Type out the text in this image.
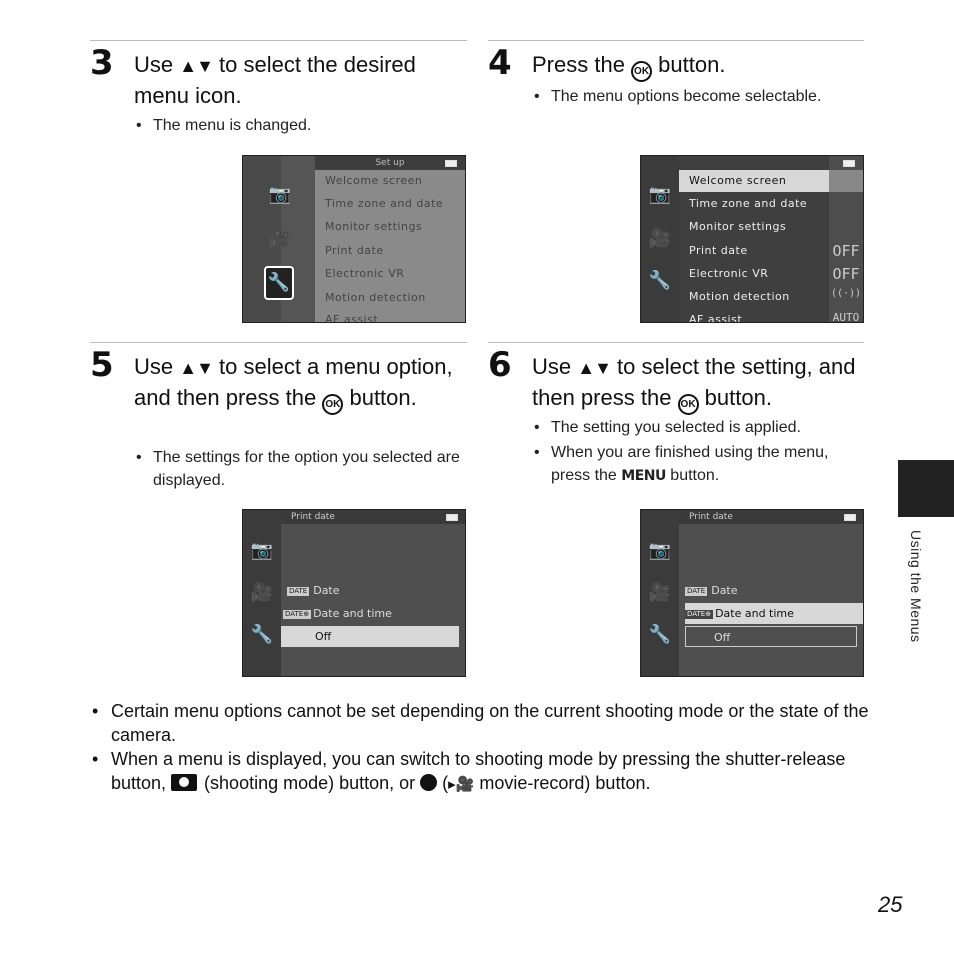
3 Use ▲▼ to select the desired menu icon.
• The menu is changed.
📷
🎥
🔧
Set up
Welcome screen
Time zone and date
Monitor settings
Print date
Electronic VR
Motion detection
AF assist
4 Press the OK button.
• The menu options become selectable.
📷
🎥
🔧
Welcome screen
Time zone and date
Monitor settings
Print date
Electronic VR
Motion detection
AF assist
OFF
OFF
((·))
AUTO
5 Use ▲▼ to select a menu option, and then press the OK button.
• The settings for the option you selected are displayed.
📷
🎥
🔧
Print date
DATE Date
DATE⊕ Date and time
Off
6 Use ▲▼ to select the setting, and then press the OK button.
• The setting you selected is applied.
• When you are finished using the menu, press the MENU button.
📷
🎥
🔧
Print date
DATE Date
DATE⊕ Date and time
Off	Using the Menus
• Certain menu options cannot be set depending on the current shooting mode or the state of the camera.
• When a menu is displayed, you can switch to shooting mode by pressing the shutter-release button,  (shooting mode) button, or  (▸🎥 movie-record) button.
25
